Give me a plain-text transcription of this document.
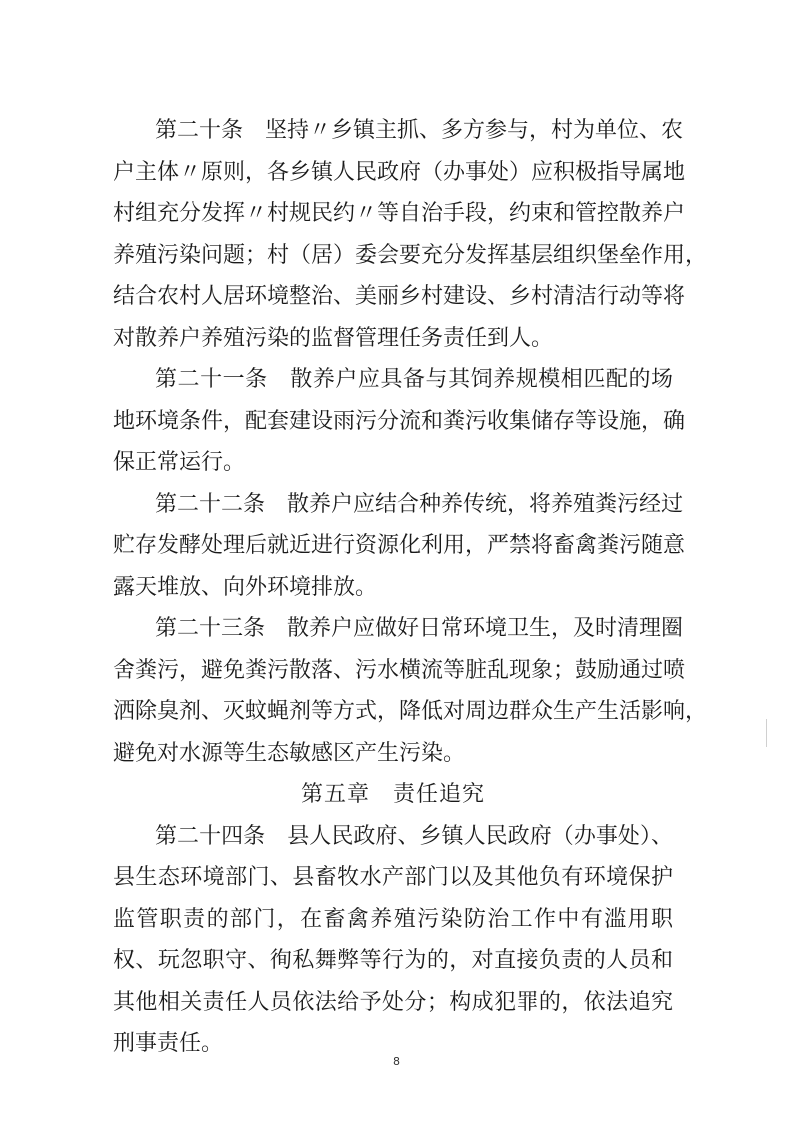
第二十条　坚持〃乡镇主抓、多方参与，村为单位、农
户主体〃原则，各乡镇人民政府（办事处）应积极指导属地
村组充分发挥〃村规民约〃等自治手段，约束和管控散养户
养殖污染问题；村（居）委会要充分发挥基层组织堡垒作用，
结合农村人居环境整治、美丽乡村建设、乡村清洁行动等将
对散养户养殖污染的监督管理任务责任到人。
第二十一条　散养户应具备与其饲养规模相匹配的场
地环境条件，配套建设雨污分流和粪污收集储存等设施，确
保正常运行。
第二十二条　散养户应结合种养传统，将养殖粪污经过
贮存发酵处理后就近进行资源化利用，严禁将畜禽粪污随意
露天堆放、向外环境排放。
第二十三条　散养户应做好日常环境卫生，及时清理圈
舍粪污，避免粪污散落、污水横流等脏乱现象；鼓励通过喷
洒除臭剂、灭蚊蝇剂等方式，降低对周边群众生产生活影响，
避免对水源等生态敏感区产生污染。
第五章　责任追究
第二十四条　县人民政府、乡镇人民政府（办事处）、
县生态环境部门、县畜牧水产部门以及其他负有环境保护
监管职责的部门，在畜禽养殖污染防治工作中有滥用职
权、玩忽职守、徇私舞弊等行为的，对直接负责的人员和
其他相关责任人员依法给予处分；构成犯罪的，依法追究
刑事责任。
8
